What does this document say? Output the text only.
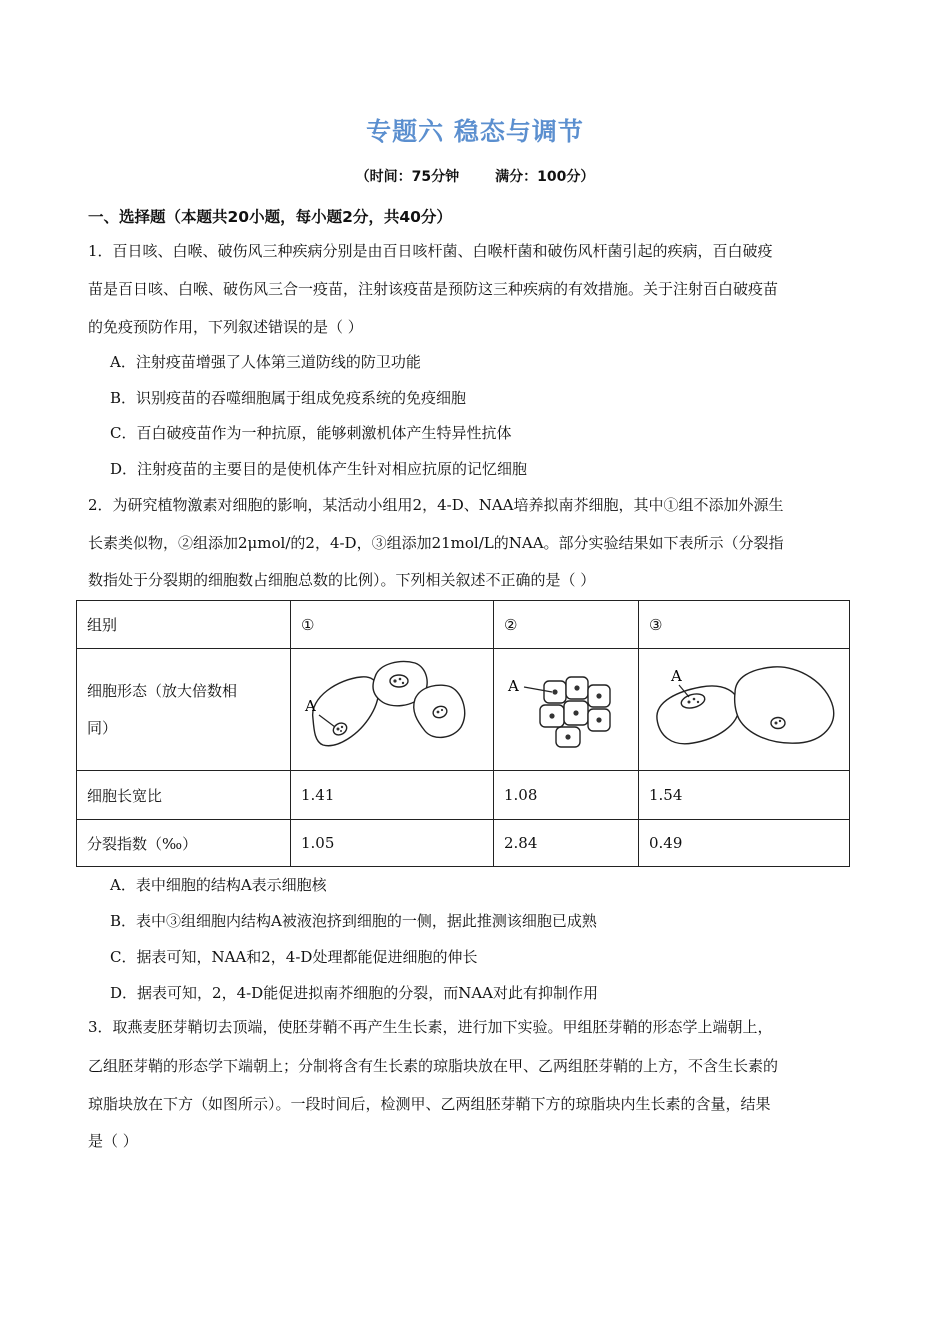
专题六 稳态与调节
（时间：75分钟	满分：100分）
一、选择题（本题共20小题，每小题2分，共40分）
1．百日咳、白喉、破伤风三种疾病分别是由百日咳杆菌、白喉杆菌和破伤风杆菌引起的疾病，百白破疫
苗是百日咳、白喉、破伤风三合一疫苗，注射该疫苗是预防这三种疾病的有效措施。关于注射百白破疫苗
的免疫预防作用，下列叙述错误的是（ ）
A．注射疫苗增强了人体第三道防线的防卫功能
B．识别疫苗的吞噬细胞属于组成免疫系统的免疫细胞
C．百白破疫苗作为一种抗原，能够刺激机体产生特异性抗体
D．注射疫苗的主要目的是使机体产生针对相应抗原的记忆细胞
2．为研究植物激素对细胞的影响，某活动小组用2，4-D、NAA培养拟南芥细胞，其中①组不添加外源生
长素类似物，②组添加2μmol/的2，4-D，③组添加21mol/L的NAA。部分实验结果如下表所示（分裂指
数指处于分裂期的细胞数占细胞总数的比例）。下列相关叙述不正确的是（ ）
组别	①	②	③

细胞形态（放大倍数相
同）	A	A	A

细胞长宽比	1.41	1.08	1.54
分裂指数（‰）	1.05	2.84	0.49
A．表中细胞的结构A表示细胞核
B．表中③组细胞内结构A被液泡挤到细胞的一侧，据此推测该细胞已成熟
C．据表可知，NAA和2，4-D处理都能促进细胞的伸长
D．据表可知，2，4-D能促进拟南芥细胞的分裂，而NAA对此有抑制作用
3．取燕麦胚芽鞘切去顶端，使胚芽鞘不再产生生长素，进行加下实验。甲组胚芽鞘的形态学上端朝上，
乙组胚芽鞘的形态学下端朝上；分制将含有生长素的琼脂块放在甲、乙两组胚芽鞘的上方，不含生长素的
琼脂块放在下方（如图所示）。一段时间后，检测甲、乙两组胚芽鞘下方的琼脂块内生长素的含量，结果
是（ ）
